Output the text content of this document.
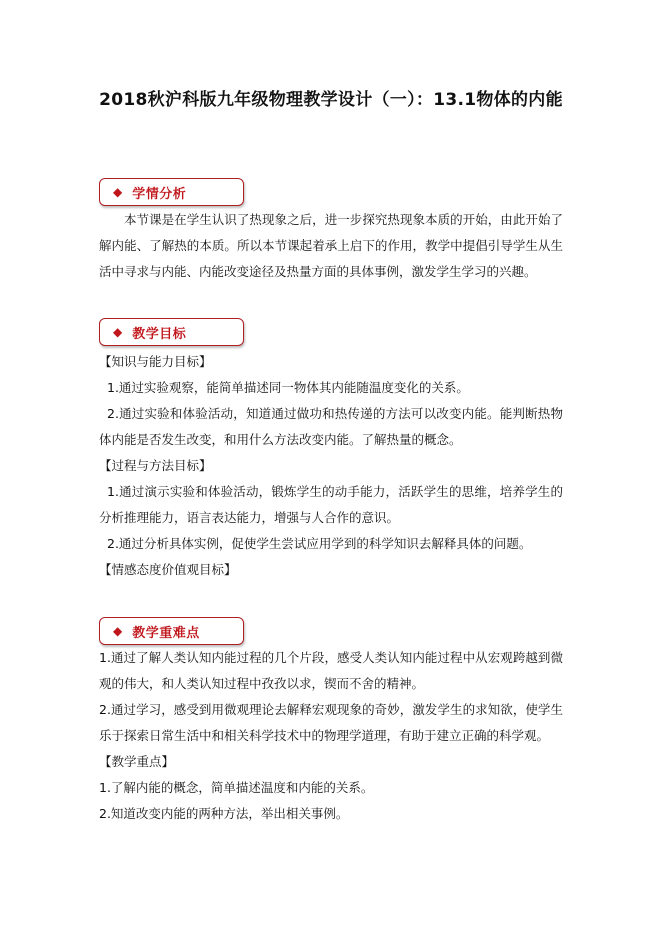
2018秋沪科版九年级物理教学设计（一）：13.1物体的内能
◆ 学情分析

本节课是在学生认识了热现象之后，进一步探究热现象本质的开始，由此开始了解内能、了解热的本质。所以本节课起着承上启下的作用，教学中提倡引导学生从生活中寻求与内能、内能改变途径及热量方面的具体事例，激发学生学习的兴趣。

◆ 教学目标

【知识与能力目标】

1.通过实验观察，能简单描述同一物体其内能随温度变化的关系。

2.通过实验和体验活动，知道通过做功和热传递的方法可以改变内能。能判断热物体内能是否发生改变，和用什么方法改变内能。了解热量的概念。

【过程与方法目标】

1.通过演示实验和体验活动，锻炼学生的动手能力，活跃学生的思维，培养学生的分析推理能力，语言表达能力，增强与人合作的意识。

2.通过分析具体实例，促使学生尝试应用学到的科学知识去解释具体的问题。

【情感态度价值观目标】

◆ 教学重难点

1.通过了解人类认知内能过程的几个片段，感受人类认知内能过程中从宏观跨越到微观的伟大，和人类认知过程中孜孜以求，锲而不舍的精神。

2.通过学习，感受到用微观理论去解释宏观现象的奇妙，激发学生的求知欲，使学生乐于探索日常生活中和相关科学技术中的物理学道理，有助于建立正确的科学观。

【教学重点】

1.了解内能的概念，简单描述温度和内能的关系。

2.知道改变内能的两种方法，举出相关事例。
